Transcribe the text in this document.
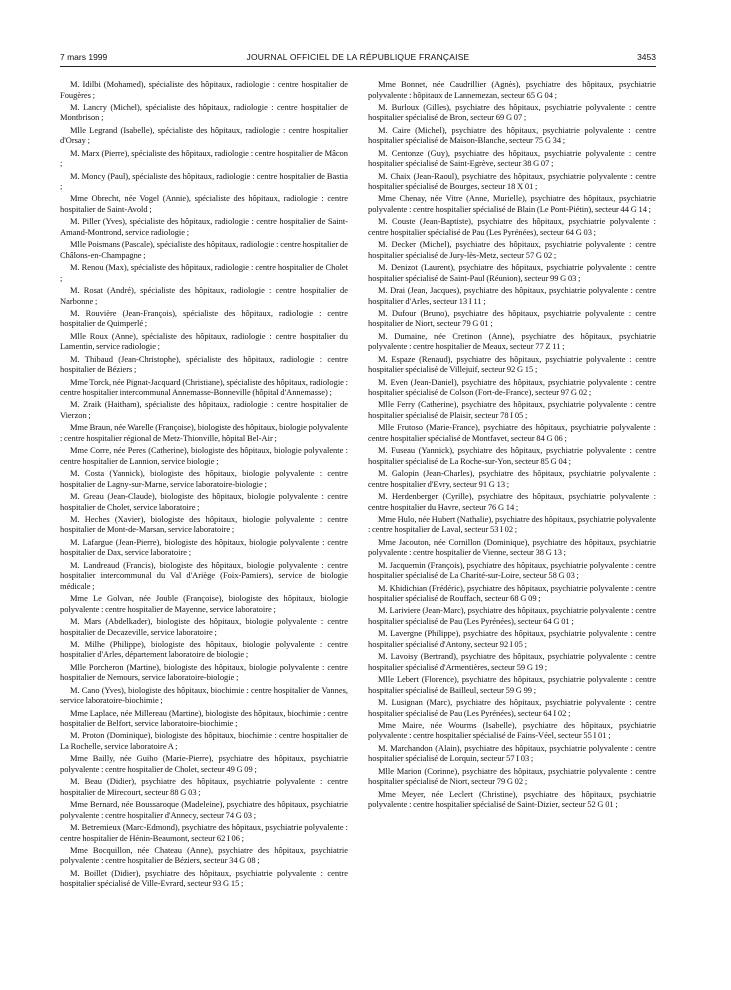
7 mars 1999	JOURNAL OFFICIEL DE LA RÉPUBLIQUE FRANÇAISE	3453

M. Idilbi (Mohamed), spécialiste des hôpitaux, radiologie : centre hospitalier de Fougères ;

M. Lancry (Michel), spécialiste des hôpitaux, radiologie : centre hospitalier de Montbrison ;

Mlle Legrand (Isabelle), spécialiste des hôpitaux, radiologie : centre hospitalier d'Orsay ;

M. Marx (Pierre), spécialiste des hôpitaux, radiologie : centre hospitalier de Mâcon ;

M. Moncy (Paul), spécialiste des hôpitaux, radiologie : centre hospitalier de Bastia ;

Mme Obrecht, née Vogel (Annie), spécialiste des hôpitaux, radiologie : centre hospitalier de Saint-Avold ;

M. Piller (Yves), spécialiste des hôpitaux, radiologie : centre hospitalier de Saint-Amand-Montrond, service radiologie ;

Mlle Poismans (Pascale), spécialiste des hôpitaux, radiologie : centre hospitalier de Châlons-en-Champagne ;

M. Renou (Max), spécialiste des hôpitaux, radiologie : centre hospitalier de Cholet ;

M. Rosat (André), spécialiste des hôpitaux, radiologie : centre hospitalier de Narbonne ;

M. Rouvière (Jean-François), spécialiste des hôpitaux, radiologie : centre hospitalier de Quimperlé ;

Mlle Roux (Anne), spécialiste des hôpitaux, radiologie : centre hospitalier du Lamentin, service radiologie ;

M. Thibaud (Jean-Christophe), spécialiste des hôpitaux, radiologie : centre hospitalier de Béziers ;

Mme Torck, née Pignat-Jacquard (Christiane), spécialiste des hôpitaux, radiologie : centre hospitalier intercommunal Annemasse-Bonneville (hôpital d'Annemasse) ;

M. Zraik (Haitham), spécialiste des hôpitaux, radiologie : centre hospitalier de Vierzon ;

Mme Braun, née Warelle (Françoise), biologiste des hôpitaux, biologie polyvalente : centre hospitalier régional de Metz-Thionville, hôpital Bel-Air ;

Mme Corre, née Peres (Catherine), biologiste des hôpitaux, biologie polyvalente : centre hospitalier de Lannion, service biologie ;

M. Costa (Yannick), biologiste des hôpitaux, biologie polyvalente : centre hospitalier de Lagny-sur-Marne, service laboratoire-biologie ;

M. Greau (Jean-Claude), biologiste des hôpitaux, biologie polyvalente : centre hospitalier de Cholet, service laboratoire ;

M. Heches (Xavier), biologiste des hôpitaux, biologie polyvalente : centre hospitalier de Mont-de-Marsan, service laboratoire ;

M. Lafargue (Jean-Pierre), biologiste des hôpitaux, biologie polyvalente : centre hospitalier de Dax, service laboratoire ;

M. Landreaud (Francis), biologiste des hôpitaux, biologie polyvalente : centre hospitalier intercommunal du Val d'Ariège (Foix-Pamiers), service de biologie médicale ;

Mme Le Golvan, née Jouble (Françoise), biologiste des hôpitaux, biologie polyvalente : centre hospitalier de Mayenne, service laboratoire ;

M. Mars (Abdelkader), biologiste des hôpitaux, biologie polyvalente : centre hospitalier de Decazeville, service laboratoire ;

M. Milhe (Philippe), biologiste des hôpitaux, biologie polyvalente : centre hospitalier d'Arles, département laboratoire de biologie ;

Mlle Porcheron (Martine), biologiste des hôpitaux, biologie polyvalente : centre hospitalier de Nemours, service laboratoire-biologie ;

M. Cano (Yves), biologiste des hôpitaux, biochimie : centre hospitalier de Vannes, service laboratoire-biochimie ;

Mme Laplace, née Millereau (Martine), biologiste des hôpitaux, biochimie : centre hospitalier de Belfort, service laboratoire-biochimie ;

M. Proton (Dominique), biologiste des hôpitaux, biochimie : centre hospitalier de La Rochelle, service laboratoire A ;

Mme Bailly, née Guiho (Marie-Pierre), psychiatre des hôpitaux, psychiatrie polyvalente : centre hospitalier de Cholet, secteur 49 G 09 ;

M. Beau (Didier), psychiatre des hôpitaux, psychiatrie polyvalente : centre hospitalier de Mirecourt, secteur 88 G 03 ;

Mme Bernard, née Boussaroque (Madeleine), psychiatre des hôpitaux, psychiatrie polyvalente : centre hospitalier d'Annecy, secteur 74 G 03 ;

M. Betremieux (Marc-Edmond), psychiatre des hôpitaux, psychiatrie polyvalente : centre hospitalier de Hénin-Beaumont, secteur 62 I 06 ;

Mme Bocquillon, née Chateau (Anne), psychiatre des hôpitaux, psychiatrie polyvalente : centre hospitalier de Béziers, secteur 34 G 08 ;

M. Boillet (Didier), psychiatre des hôpitaux, psychiatrie polyvalente : centre hospitalier spécialisé de Ville-Evrard, secteur 93 G 15 ;

Mme Bonnet, née Caudrillier (Agnès), psychiatre des hôpitaux, psychiatrie polyvalente : hôpitaux de Lannemezan, secteur 65 G 04 ;

M. Burloux (Gilles), psychiatre des hôpitaux, psychiatrie polyvalente : centre hospitalier spécialisé de Bron, secteur 69 G 07 ;

M. Caire (Michel), psychiatre des hôpitaux, psychiatrie polyvalente : centre hospitalier spécialisé de Maison-Blanche, secteur 75 G 34 ;

M. Centonze (Guy), psychiatre des hôpitaux, psychiatrie polyvalente : centre hospitalier spécialisé de Saint-Egrève, secteur 38 G 07 ;

M. Chaix (Jean-Raoul), psychiatre des hôpitaux, psychiatrie polyvalente : centre hospitalier spécialisé de Bourges, secteur 18 X 01 ;

Mme Chenay, née Vitre (Anne, Murielle), psychiatre des hôpitaux, psychiatrie polyvalente : centre hospitalier spécialisé de Blain (Le Pont-Piétin), secteur 44 G 14 ;

M. Couste (Jean-Baptiste), psychiatre des hôpitaux, psychiatrie polyvalente : centre hospitalier spécialisé de Pau (Les Pyrénées), secteur 64 G 03 ;

M. Decker (Michel), psychiatre des hôpitaux, psychiatrie polyvalente : centre hospitalier spécialisé de Jury-lès-Metz, secteur 57 G 02 ;

M. Denizot (Laurent), psychiatre des hôpitaux, psychiatrie polyvalente : centre hospitalier spécialisé de Saint-Paul (Réunion), secteur 99 G 03 ;

M. Drai (Jean, Jacques), psychiatre des hôpitaux, psychiatrie polyvalente : centre hospitalier d'Arles, secteur 13 I 11 ;

M. Dufour (Bruno), psychiatre des hôpitaux, psychiatrie polyvalente : centre hospitalier de Niort, secteur 79 G 01 ;

M. Dumaine, née Cretinon (Anne), psychiatre des hôpitaux, psychiatrie polyvalente : centre hospitalier de Meaux, secteur 77 Z 11 ;

M. Espaze (Renaud), psychiatre des hôpitaux, psychiatrie polyvalente : centre hospitalier spécialisé de Villejuif, secteur 92 G 15 ;

M. Even (Jean-Daniel), psychiatre des hôpitaux, psychiatrie polyvalente : centre hospitalier spécialisé de Colson (Fort-de-France), secteur 97 G 02 ;

Mlle Ferry (Catherine), psychiatre des hôpitaux, psychiatrie polyvalente : centre hospitalier spécialisé de Plaisir, secteur 78 I 05 ;

Mlle Frutoso (Marie-France), psychiatre des hôpitaux, psychiatrie polyvalente : centre hospitalier spécialisé de Montfavet, secteur 84 G 06 ;

M. Fuseau (Yannick), psychiatre des hôpitaux, psychiatrie polyvalente : centre hospitalier spécialisé de La Roche-sur-Yon, secteur 85 G 04 ;

M. Galopin (Jean-Charles), psychiatre des hôpitaux, psychiatrie polyvalente : centre hospitalier d'Evry, secteur 91 G 13 ;

M. Herdenberger (Cyrille), psychiatre des hôpitaux, psychiatrie polyvalente : centre hospitalier du Havre, secteur 76 G 14 ;

Mme Hulo, née Hubert (Nathalie), psychiatre des hôpitaux, psychiatrie polyvalente : centre hospitalier de Laval, secteur 53 I 02 ;

Mme Jacouton, née Cornillon (Dominique), psychiatre des hôpitaux, psychiatrie polyvalente : centre hospitalier de Vienne, secteur 38 G 13 ;

M. Jacquemin (François), psychiatre des hôpitaux, psychiatrie polyvalente : centre hospitalier spécialisé de La Charité-sur-Loire, secteur 58 G 03 ;

M. Khidichian (Frédéric), psychiatre des hôpitaux, psychiatrie polyvalente : centre hospitalier spécialisé de Rouffach, secteur 68 G 09 ;

M. Lariviere (Jean-Marc), psychiatre des hôpitaux, psychiatrie polyvalente : centre hospitalier spécialisé de Pau (Les Pyrénées), secteur 64 G 01 ;

M. Lavergne (Philippe), psychiatre des hôpitaux, psychiatrie polyvalente : centre hospitalier spécialisé d'Antony, secteur 92 I 05 ;

M. Lavoisy (Bertrand), psychiatre des hôpitaux, psychiatrie polyvalente : centre hospitalier spécialisé d'Armentières, secteur 59 G 19 ;

Mlle Lebert (Florence), psychiatre des hôpitaux, psychiatrie polyvalente : centre hospitalier spécialisé de Bailleul, secteur 59 G 99 ;

M. Lusignan (Marc), psychiatre des hôpitaux, psychiatrie polyvalente : centre hospitalier spécialisé de Pau (Les Pyrénées), secteur 64 I 02 ;

Mme Maire, née Wourms (Isabelle), psychiatre des hôpitaux, psychiatrie polyvalente : centre hospitalier spécialisé de Fains-Véel, secteur 55 I 01 ;

M. Marchandon (Alain), psychiatre des hôpitaux, psychiatrie polyvalente : centre hospitalier spécialisé de Lorquin, secteur 57 I 03 ;

Mlle Marion (Corinne), psychiatre des hôpitaux, psychiatrie polyvalente : centre hospitalier spécialisé de Niort, secteur 79 G 02 ;

Mme Meyer, née Leclert (Christine), psychiatre des hôpitaux, psychiatrie polyvalente : centre hospitalier spécialisé de Saint-Dizier, secteur 52 G 01 ;
